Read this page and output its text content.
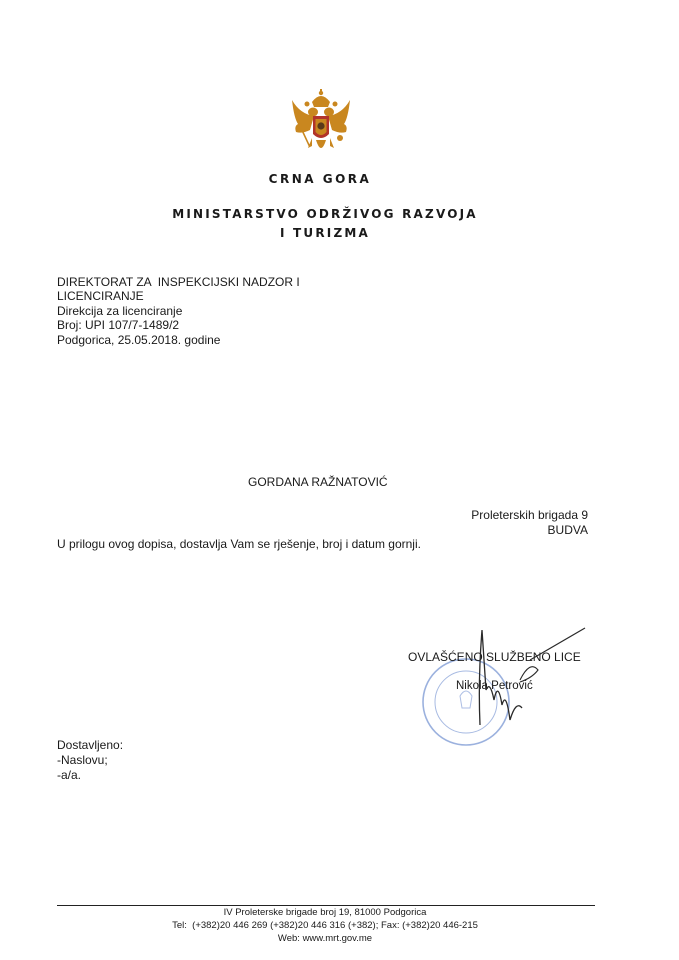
CRNA GORA
MINISTARSTVO ODRŽIVOG RAZVOJA
I TURIZMA
DIREKTORAT ZA  INSPEKCIJSKI NADZOR I
LICENCIRANJE
Direkcija za licenciranje
Broj: UPI 107/7-1489/2
Podgorica, 25.05.2018. godine
GORDANA RAŽNATOVIĆ
Proleterskih brigada 9
BUDVA
U prilogu ovog dopisa, dostavlja Vam se rješenje, broj i datum gornji.
OVLAŠĆENO SLUŽBENO LICE
Nikola Petrović
Dostavljeno:
-Naslovu;
-a/a.
IV Proleterske brigade broj 19, 81000 Podgorica
Tel:  (+382)20 446 269 (+382)20 446 316 (+382); Fax: (+382)20 446-215
Web: www.mrt.gov.me
